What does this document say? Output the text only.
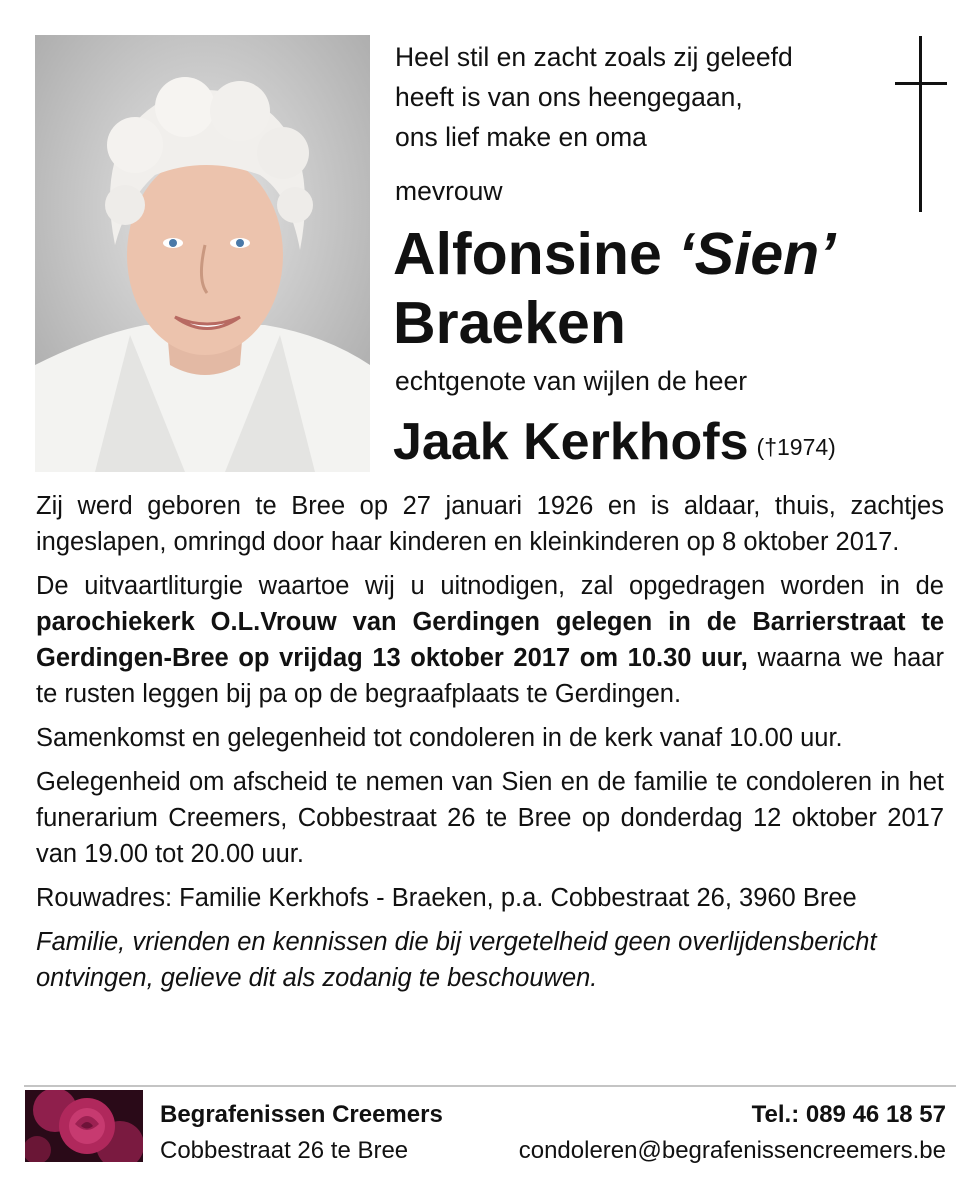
Heel stil en zacht zoals zij geleefd
heeft is van ons heengegaan,
ons lief make en oma
mevrouw
Alfonsine ‘Sien’
Braeken
echtgenote van wijlen de heer
Jaak Kerkhofs (†1974)

Zij werd geboren te Bree op 27 januari 1926 en is aldaar, thuis, zachtjes ingeslapen, omringd door haar kinderen en kleinkinderen op 8 oktober 2017.

De uitvaartliturgie waartoe wij u uitnodigen, zal opgedragen worden in de parochiekerk O.L.Vrouw van Gerdingen gelegen in de Barrierstraat te Gerdingen-Bree op vrijdag 13 oktober 2017 om 10.30 uur, waarna we haar te rusten leggen bij pa op de begraafplaats te Gerdingen.

Samenkomst en gelegenheid tot condoleren in de kerk vanaf 10.00 uur.

Gelegenheid om afscheid te nemen van Sien en de familie te condoleren in het funerarium Creemers, Cobbestraat 26 te Bree op donderdag 12 oktober 2017 van 19.00 tot 20.00 uur.

Rouwadres: Familie Kerkhofs - Braeken, p.a. Cobbestraat 26, 3960 Bree

Familie, vrienden en kennissen die bij vergetelheid geen overlijdensbericht ontvingen, gelieve dit als zodanig te beschouwen.

Begrafenissen Creemers
Cobbestraat 26 te Bree
Tel.: 089 46 18 57
condoleren@begrafenissencreemers.be
